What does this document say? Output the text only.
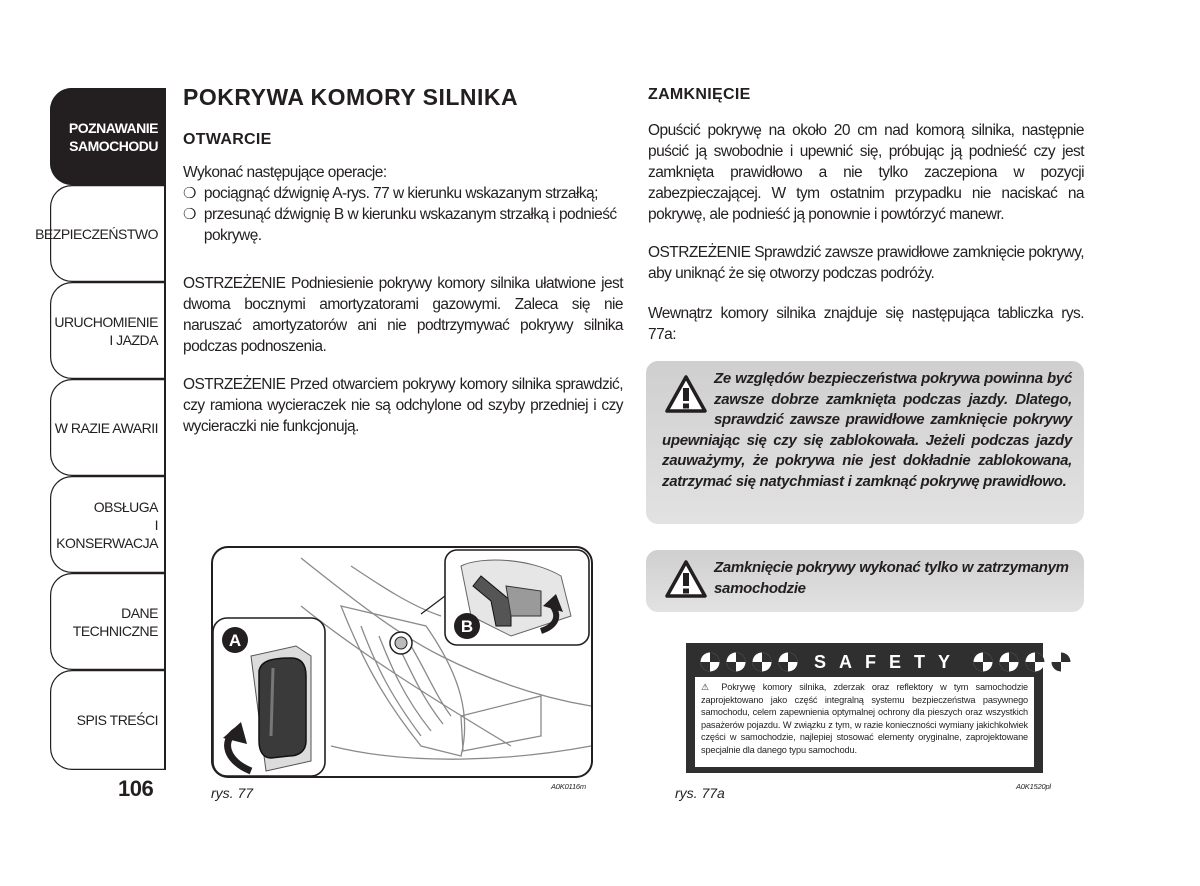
POZNAWANIE
SAMOCHODU
BEZPIECZEŃSTWO
URUCHOMIENIE
I JAZDA
W RAZIE AWARII
OBSŁUGA
I KONSERWACJA
DANE
TECHNICZNE
SPIS TREŚCI
106
POKRYWA KOMORY SILNIKA
OTWARCIE
Wykonać następujące operacje:
❍ pociągnąć dźwignię A-rys. 77 w kierunku wskazanym strzałką;
❍ przesunąć dźwignię B w kierunku wskazanym strzałką i podnieść pokrywę.
OSTRZEŻENIE Podniesienie pokrywy komory silnika ułatwione jest dwoma bocznymi amortyzatorami gazowymi. Zaleca się nie naruszać amortyzatorów ani nie podtrzymywać pokrywy silnika podczas podnoszenia.
OSTRZEŻENIE Przed otwarciem pokrywy komory silnika sprawdzić, czy ramiona wycieraczek nie są odchylone od szyby przedniej i czy wycieraczki nie funkcjonują.
A
B
rys. 77	A0K0116m
ZAMKNIĘCIE
Opuścić pokrywę na około 20 cm nad komorą silnika, następnie puścić ją swobodnie i upewnić się, próbując ją podnieść czy jest zamknięta prawidłowo a nie tylko zaczepiona w pozycji zabezpieczającej. W tym ostatnim przypadku nie naciskać na pokrywę, ale podnieść ją ponownie i powtórzyć manewr.
OSTRZEŻENIE Sprawdzić zawsze prawidłowe zamknięcie pokrywy, aby uniknąć że się otworzy podczas podróży.
Wewnątrz komory silnika znajduje się następująca tabliczka rys. 77a:
Ze względów bezpieczeństwa pokrywa powinna być zawsze dobrze zamknięta podczas jazdy. Dlatego, sprawdzić zawsze prawidłowe zamknięcie pokrywy upewniając się czy się zablokowała. Jeżeli podczas jazdy zauważymy, że pokrywa nie jest dokładnie zablokowana, zatrzymać się natychmiast i zamknąć pokrywę prawidłowo.
Zamknięcie pokrywy wykonać tylko w zatrzymanym samochodzie
SAFETY
⚠ Pokrywę komory silnika, zderzak oraz reflektory w tym samochodzie zaprojektowano jako część integralną systemu bezpieczeństwa pasywnego samochodu, celem zapewnienia optymalnej ochrony dla pieszych oraz wszystkich pasażerów pojazdu. W związku z tym, w razie konieczności wymiany jakichkolwiek części w samochodzie, najlepiej stosować elementy oryginalne, zaprojektowane specjalnie dla danego typu samochodu.
rys. 77a	A0K1520pl
